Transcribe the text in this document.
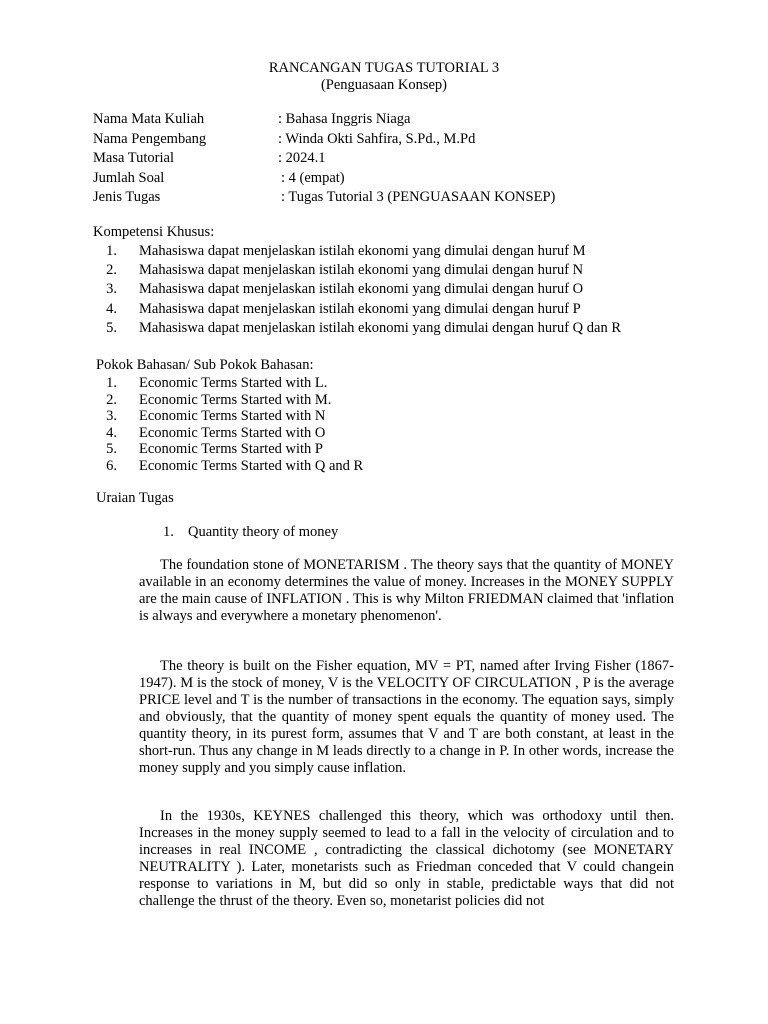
RANCANGAN TUGAS TUTORIAL 3
(Penguasaan Konsep)
Nama Mata Kuliah	: Bahasa Inggris Niaga
Nama Pengembang	: Winda Okti Sahfira, S.Pd., M.Pd
Masa Tutorial	: 2024.1
Jumlah Soal	: 4 (empat)
Jenis Tugas	: Tugas Tutorial 3 (PENGUASAAN KONSEP)
Kompetensi Khusus:
1. Mahasiswa dapat menjelaskan istilah ekonomi yang dimulai dengan huruf M
2. Mahasiswa dapat menjelaskan istilah ekonomi yang dimulai dengan huruf N
3. Mahasiswa dapat menjelaskan istilah ekonomi yang dimulai dengan huruf O
4. Mahasiswa dapat menjelaskan istilah ekonomi yang dimulai dengan huruf P
5. Mahasiswa dapat menjelaskan istilah ekonomi yang dimulai dengan huruf Q dan R
Pokok Bahasan/ Sub Pokok Bahasan:
1. Economic Terms Started with L.
2. Economic Terms Started with M.
3. Economic Terms Started with N
4. Economic Terms Started with O
5. Economic Terms Started with P
6. Economic Terms Started with Q and R
Uraian Tugas
1. Quantity theory of money

The foundation stone of MONETARISM . The theory says that the quantity of MONEY available in an economy determines the value of money. Increases in the MONEY SUPPLY are the main cause of INFLATION . This is why Milton FRIEDMAN claimed that 'inflation is always and everywhere a monetary phenomenon'.

The theory is built on the Fisher equation, MV = PT, named after Irving Fisher (1867-1947). M is the stock of money, V is the VELOCITY OF CIRCULATION , P is the average PRICE level and T is the number of transactions in the economy. The equation says, simply and obviously, that the quantity of money spent equals the quantity of money used. The quantity theory, in its purest form, assumes that V and T are both constant, at least in the short-run. Thus any change in M leads directly to a change in P. In other words, increase the money supply and you simply cause inflation.

In the 1930s, KEYNES challenged this theory, which was orthodoxy until then. Increases in the money supply seemed to lead to a fall in the velocity of circulation and to increases in real INCOME , contradicting the classical dichotomy (see MONETARY NEUTRALITY ). Later, monetarists such as Friedman conceded that V could changein response to variations in M, but did so only in stable, predictable ways that did not challenge the thrust of the theory. Even so, monetarist policies did not
